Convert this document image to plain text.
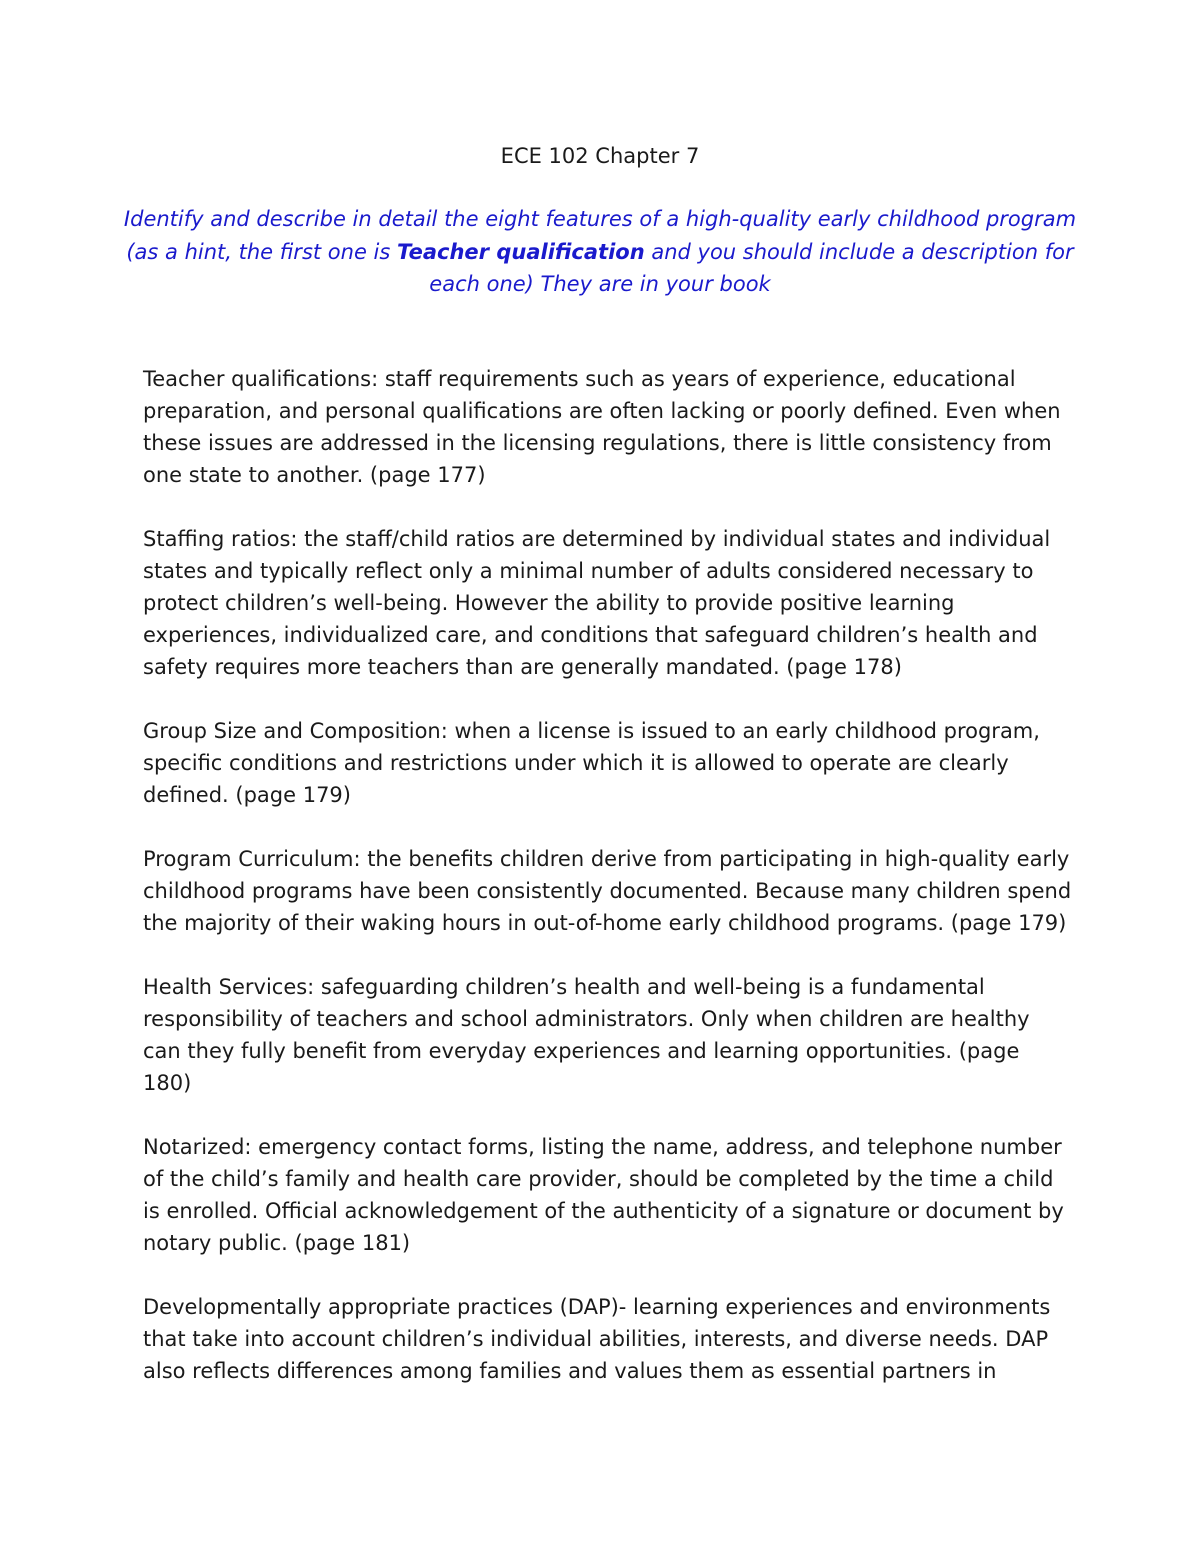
ECE 102 Chapter 7

Identify and describe in detail the eight features of a high-quality early childhood program (as a hint, the first one is Teacher qualification and you should include a description for each one) They are in your book

Teacher qualifications: staff requirements such as years of experience, educational preparation, and personal qualifications are often lacking or poorly defined. Even when these issues are addressed in the licensing regulations, there is little consistency from one state to another. (page 177)

Staffing ratios: the staff/child ratios are determined by individual states and individual states and typically reflect only a minimal number of adults considered necessary to protect children’s well-being. However the ability to provide positive learning experiences, individualized care, and conditions that safeguard children’s health and safety requires more teachers than are generally mandated. (page 178)

Group Size and Composition: when a license is issued to an early childhood program, specific conditions and restrictions under which it is allowed to operate are clearly defined. (page 179)

Program Curriculum: the benefits children derive from participating in high-quality early childhood programs have been consistently documented. Because many children spend the majority of their waking hours in out-of-home early childhood programs. (page 179)

Health Services: safeguarding children’s health and well-being is a fundamental responsibility of teachers and school administrators. Only when children are healthy can they fully benefit from everyday experiences and learning opportunities. (page 180)

Notarized: emergency contact forms, listing the name, address, and telephone number of the child’s family and health care provider, should be completed by the time a child is enrolled. Official acknowledgement of the authenticity of a signature or document by notary public. (page 181)

Developmentally appropriate practices (DAP)- learning experiences and environments that take into account children’s individual abilities, interests, and diverse needs. DAP also reflects differences among families and values them as essential partners in
